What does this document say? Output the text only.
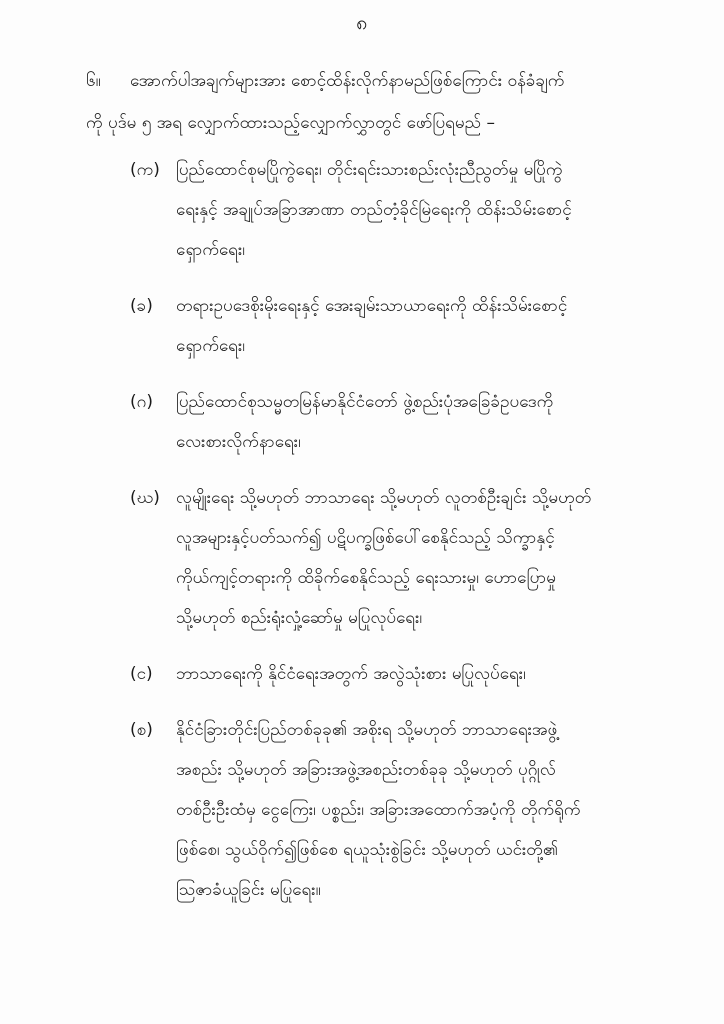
၈
၆။ အောက်ပါအချက်များအား စောင့်ထိန်းလိုက်နာမည်ဖြစ်ကြောင်း ဝန်ခံချက်
ကို ပုဒ်မ ၅ အရ လျှောက်ထားသည့်လျှောက်လွှာတွင် ဖော်ပြရမည် –
(က) ပြည်ထောင်စုမပြိုကွဲရေး၊ တိုင်းရင်းသားစည်းလုံးညီညွတ်မှု မပြိုကွဲ
ရေးနှင့် အချုပ်အခြာအာဏာ တည်တံ့ခိုင်မြဲရေးကို ထိန်းသိမ်းစောင့်
ရှောက်ရေး၊
(ခ) တရားဥပဒေစိုးမိုးရေးနှင့် အေးချမ်းသာယာရေးကို ထိန်းသိမ်းစောင့်
ရှောက်ရေး၊
(ဂ) ပြည်ထောင်စုသမ္မတမြန်မာနိုင်ငံတော် ဖွဲ့စည်းပုံအခြေခံဥပဒေကို
လေးစားလိုက်နာရေး၊
(ဃ) လူမျိုးရေး သို့မဟုတ် ဘာသာရေး သို့မဟုတ် လူတစ်ဦးချင်း သို့မဟုတ်
လူအများနှင့်ပတ်သက်၍ ပဋိပက္ခဖြစ်ပေါ်စေနိုင်သည့် သိက္ခာနှင့်
ကိုယ်ကျင့်တရားကို ထိခိုက်စေနိုင်သည့် ရေးသားမှု၊ ဟောပြောမှု
သို့မဟုတ် စည်းရုံးလှုံ့ဆော်မှု မပြုလုပ်ရေး၊
(င) ဘာသာရေးကို နိုင်ငံရေးအတွက် အလွဲသုံးစား မပြုလုပ်ရေး၊
(စ) နိုင်ငံခြားတိုင်းပြည်တစ်ခုခု၏ အစိုးရ သို့မဟုတ် ဘာသာရေးအဖွဲ့
အစည်း သို့မဟုတ် အခြားအဖွဲ့အစည်းတစ်ခုခု သို့မဟုတ် ပုဂ္ဂိုလ်
တစ်ဦးဦးထံမှ ငွေကြေး၊ ပစ္စည်း၊ အခြားအထောက်အပံ့ကို တိုက်ရိုက်
ဖြစ်စေ၊ သွယ်ဝိုက်၍ဖြစ်စေ ရယူသုံးစွဲခြင်း သို့မဟုတ် ယင်းတို့၏
သြဇာခံယူခြင်း မပြုရေး။
